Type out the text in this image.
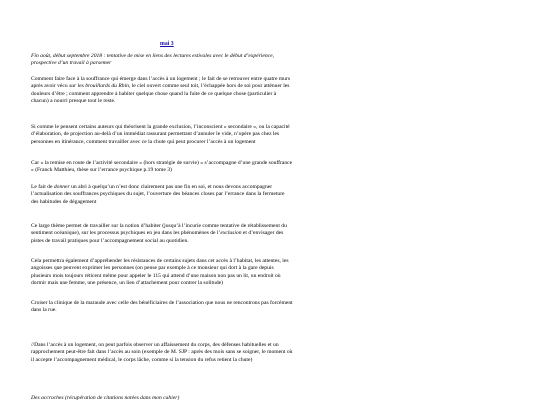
mai 3
Fin août, début septembre 2018 : tentative de mise en liens des lectures estivales avec le début d’expérience, prospective d’un travail à parsemer

Comment faire face à la souffrance qui émerge dans l’accès à un logement ; le fait de se retrouver entre quatre murs après avoir vécu sur les brouillards du Rhin, le ciel ouvert comme seul toit, l’échappée hors de soi pour atténuer les douleurs d’être ; comment apprendre à habiter quelque chose quand la fuite de ce quelque chose (particulier à chacun) a nourri presque tout le reste.

Si comme le pensent certains auteurs qui théorisent la grande exclusion, l’inconscient « secondaire », ou la capacité d’élaboration, de projection au-delà d’un immédiat rassurant permettant d’annuler le vide, n’opère pas chez les personnes en itinérance, comment travailler avec ce la chute qui peut procurer l’accès à un logement

Car « la remise en route de l’activité secondaire » (hors stratégie de survie) « s’accompagne d’une grande souffrance » (Franck Matthieu, thèse sur l’errance psychique p.19 tome 3)

Le fait de donner un abri à quelqu’un n’est donc clairement pas une fin en soi, et nous devons accompagner l’actualisation des souffrances psychiques du sujet, l’ouverture des béances closes par l’errance dans la fermeture des habitudes de dégagement

Ce large thème permet de travailler sur la notion d’habiter (jusqu’à l’incurie comme tentative de rétablissement du sentiment océanique), sur les processus psychiques en jeu dans les phénomènes de l’exclusion et d’envisager des pistes de travail pratiques pour l’accompagnement social au quotidien.

Cela permettra également d’appréhender les résistances de certains sujets dans cet accès à l’habitat, les attentes, les angoisses que peuvent exprimer les personnes (on pense par exemple à ce monsieur qui dort à la gare depuis plusieurs mois toujours réticent même pour appeler le 115 qui attend d’une maison non pas un lit, un endroit où dormir mais une femme, une présence, un lien d’attachement pour contrer la solitude)

Croiser la clinique de la maraude avec celle des bénéficiaires de l’association que nous ne rencontrons pas forcément dans la rue.

//Dans l’accès à un logement, on peut parfois observer un affaissement du corps, des défenses habituelles et un rapprochement peut-être fait dans l’accès au soin (exemple de M. SJP : après des mois sans se soigner, le moment où il accepte l’accompagnement médical, le corps lâche, comme si la tension du refus retient la chute)

Des accroches (récupération de citations notées dans mon cahier)
